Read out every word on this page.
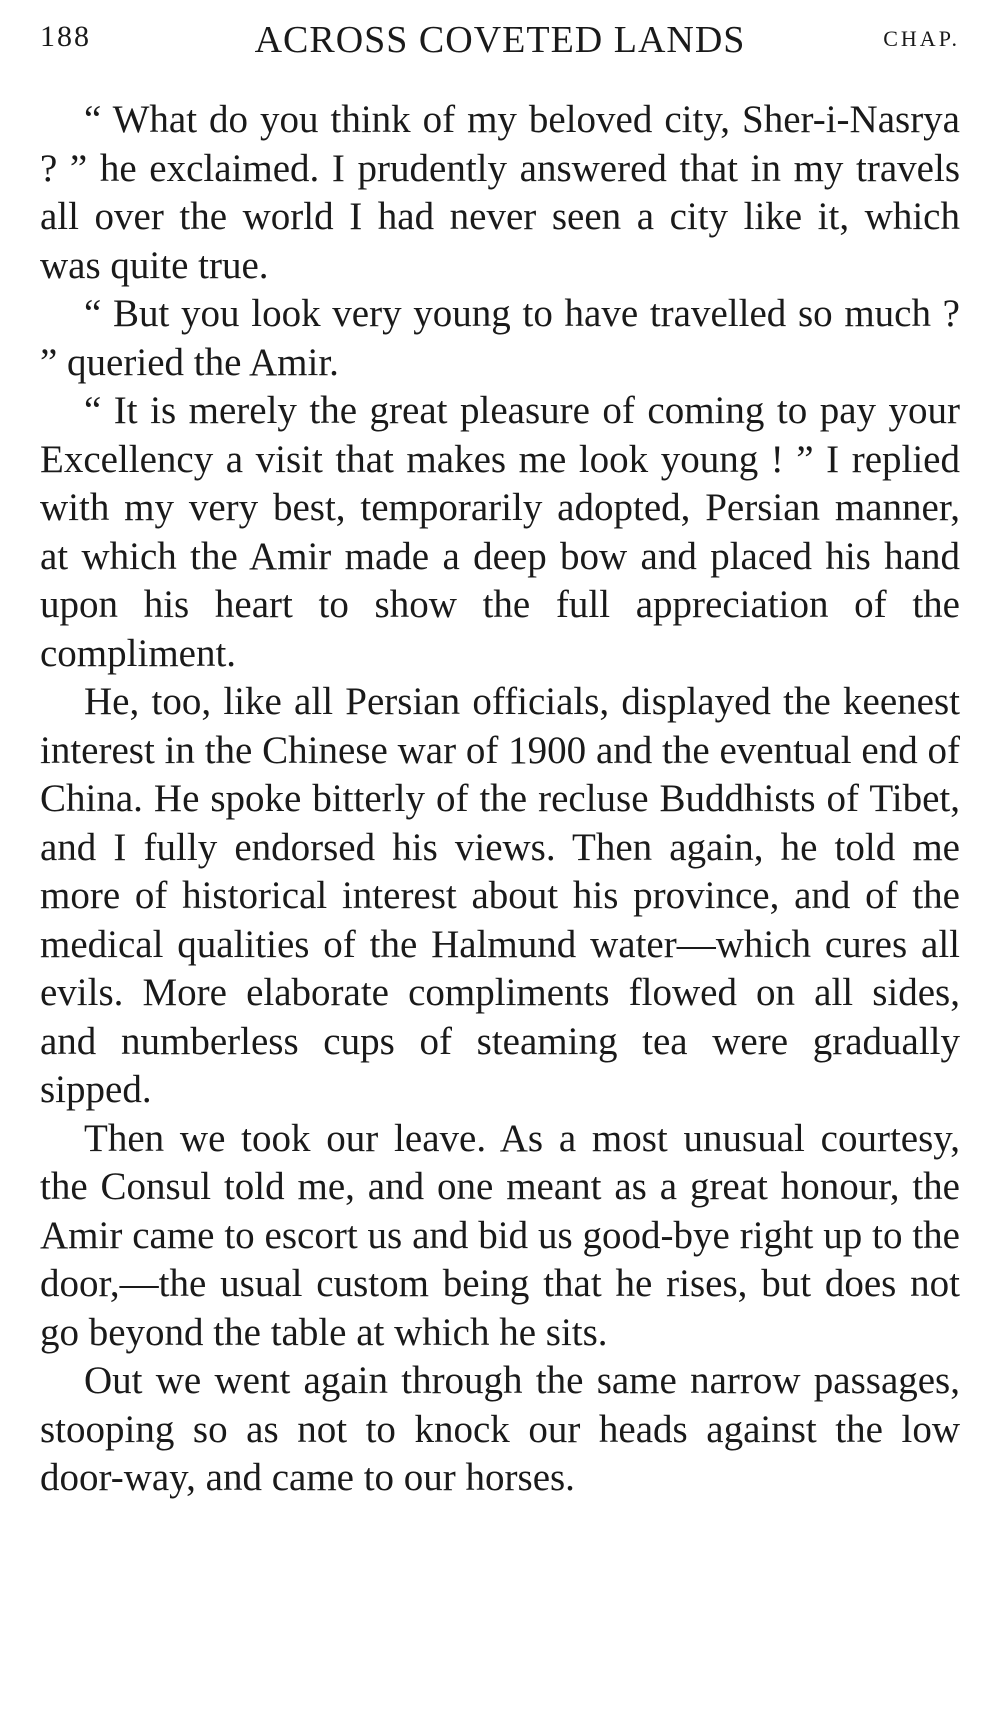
188	ACROSS COVETED LANDS	CHAP.

“ What do you think of my beloved city, Sher-i-Nasrya ? ” he exclaimed. I prudently answered that in my travels all over the world I had never seen a city like it, which was quite true.

“ But you look very young to have travelled so much ? ” queried the Amir.

“ It is merely the great pleasure of coming to pay your Excellency a visit that makes me look young ! ” I replied with my very best, temporarily adopted, Persian manner, at which the Amir made a deep bow and placed his hand upon his heart to show the full appreciation of the compliment.

He, too, like all Persian officials, displayed the keenest interest in the Chinese war of 1900 and the eventual end of China. He spoke bitterly of the recluse Buddhists of Tibet, and I fully endorsed his views. Then again, he told me more of historical interest about his province, and of the medical qualities of the Halmund water—which cures all evils. More elaborate compliments flowed on all sides, and numberless cups of steaming tea were gradually sipped.

Then we took our leave. As a most unusual courtesy, the Consul told me, and one meant as a great honour, the Amir came to escort us and bid us good-bye right up to the door,—the usual custom being that he rises, but does not go beyond the table at which he sits.

Out we went again through the same narrow passages, stooping so as not to knock our heads against the low door-way, and came to our horses.
